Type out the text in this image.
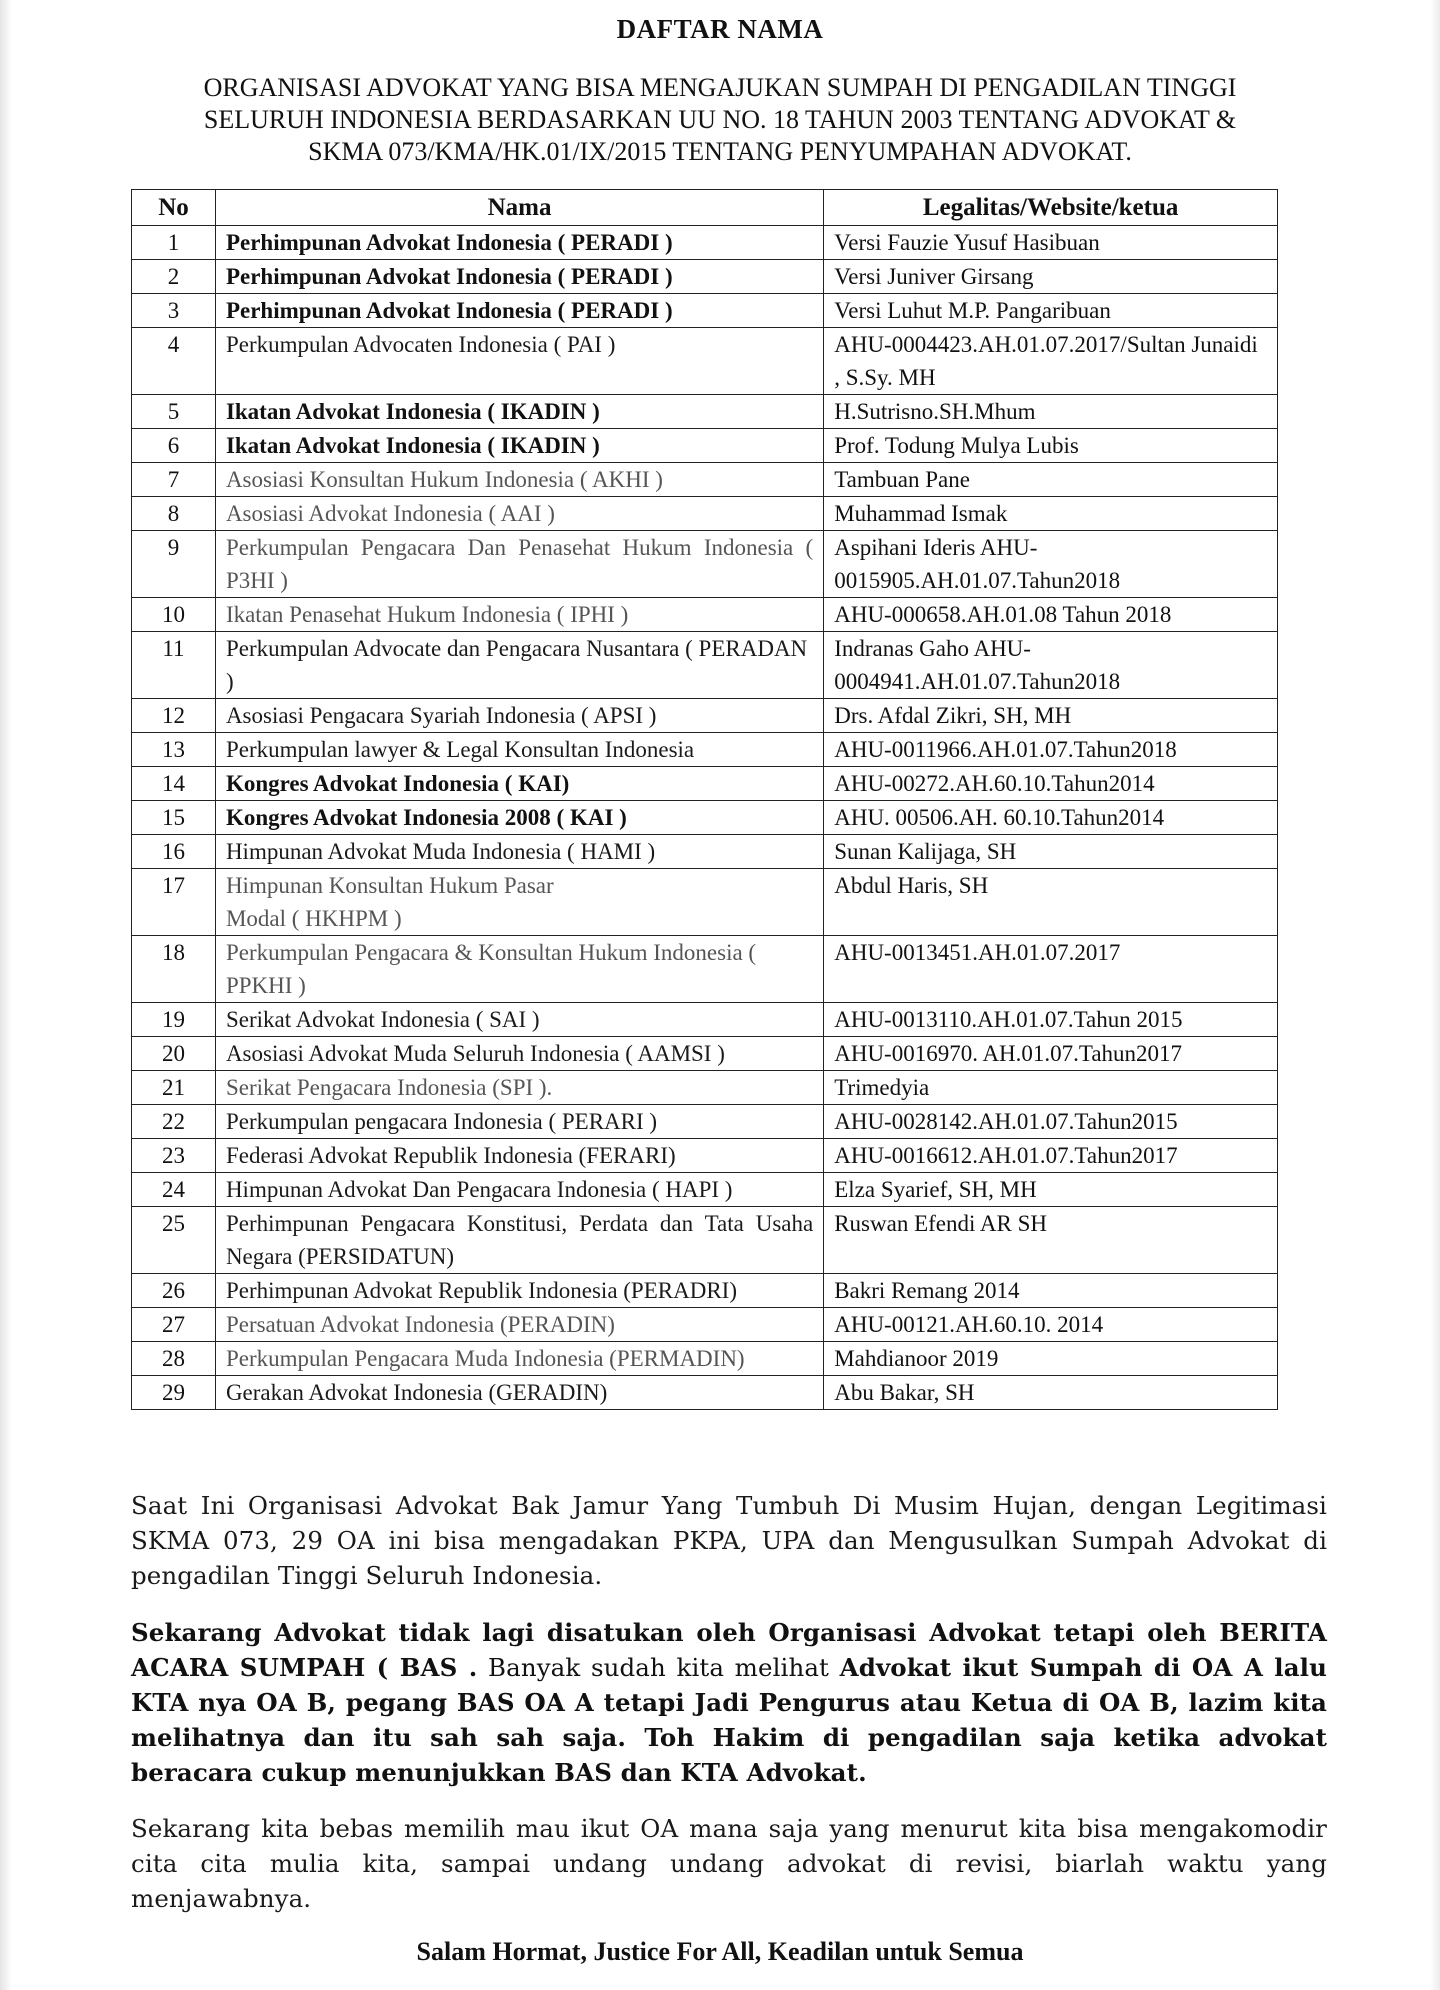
DAFTAR NAMA

ORGANISASI ADVOKAT YANG BISA MENGAJUKAN SUMPAH DI PENGADILAN TINGGI
SELURUH INDONESIA BERDASARKAN UU NO. 18 TAHUN 2003 TENTANG ADVOKAT &
SKMA 073/KMA/HK.01/IX/2015 TENTANG PENYUMPAHAN ADVOKAT.

No	Nama	Legalitas/Website/ketua
1	Perhimpunan Advokat Indonesia ( PERADI )	Versi Fauzie Yusuf Hasibuan
2	Perhimpunan Advokat Indonesia ( PERADI )	Versi Juniver Girsang
3	Perhimpunan Advokat Indonesia ( PERADI )	Versi Luhut M.P. Pangaribuan
4	Perkumpulan Advocaten Indonesia ( PAI )	AHU-0004423.AH.01.07.2017/Sultan Junaidi , S.Sy. MH
5	Ikatan Advokat Indonesia ( IKADIN )	H.Sutrisno.SH.Mhum
6	Ikatan Advokat Indonesia ( IKADIN )	Prof. Todung Mulya Lubis
7	Asosiasi Konsultan Hukum Indonesia ( AKHI )	Tambuan Pane
8	Asosiasi Advokat Indonesia ( AAI )	Muhammad Ismak
9	Perkumpulan Pengacara Dan Penasehat Hukum Indonesia ( P3HI )	Aspihani Ideris AHU-0015905.AH.01.07.Tahun2018
10	Ikatan Penasehat Hukum Indonesia ( IPHI )	AHU-000658.AH.01.08 Tahun 2018
11	Perkumpulan Advocate dan Pengacara Nusantara ( PERADAN )	Indranas Gaho AHU-0004941.AH.01.07.Tahun2018
12	Asosiasi Pengacara Syariah Indonesia ( APSI )	Drs. Afdal Zikri, SH, MH
13	Perkumpulan lawyer & Legal Konsultan Indonesia	AHU-0011966.AH.01.07.Tahun2018
14	Kongres Advokat Indonesia ( KAI)	AHU-00272.AH.60.10.Tahun2014
15	Kongres Advokat Indonesia 2008 ( KAI )	AHU. 00506.AH. 60.10.Tahun2014
16	Himpunan Advokat Muda Indonesia ( HAMI )	Sunan Kalijaga, SH
17	Himpunan Konsultan Hukum Pasar
Modal ( HKHPM )	Abdul Haris, SH
18	Perkumpulan Pengacara & Konsultan Hukum Indonesia ( PPKHI )	AHU-0013451.AH.01.07.2017
19	Serikat Advokat Indonesia ( SAI )	AHU-0013110.AH.01.07.Tahun 2015
20	Asosiasi Advokat Muda Seluruh Indonesia ( AAMSI )	AHU-0016970. AH.01.07.Tahun2017
21	Serikat Pengacara Indonesia (SPI ).	Trimedyia
22	Perkumpulan pengacara Indonesia ( PERARI )	AHU-0028142.AH.01.07.Tahun2015
23	Federasi Advokat Republik Indonesia (FERARI)	AHU-0016612.AH.01.07.Tahun2017
24	Himpunan Advokat Dan Pengacara Indonesia ( HAPI )	Elza Syarief, SH, MH
25	Perhimpunan Pengacara Konstitusi, Perdata dan Tata Usaha Negara (PERSIDATUN)	Ruswan Efendi AR SH
26	Perhimpunan Advokat Republik Indonesia (PERADRI)	Bakri Remang 2014
27	Persatuan Advokat Indonesia (PERADIN)	AHU-00121.AH.60.10. 2014
28	Perkumpulan Pengacara Muda Indonesia (PERMADIN)	Mahdianoor 2019
29	Gerakan Advokat Indonesia (GERADIN)	Abu Bakar, SH

Saat Ini Organisasi Advokat Bak Jamur Yang Tumbuh Di Musim Hujan, dengan Legitimasi SKMA 073, 29 OA ini bisa mengadakan PKPA, UPA dan Mengusulkan Sumpah Advokat di pengadilan Tinggi Seluruh Indonesia.

Sekarang Advokat tidak lagi disatukan oleh Organisasi Advokat tetapi oleh BERITA ACARA SUMPAH ( BAS . Banyak sudah kita melihat Advokat ikut Sumpah di OA A lalu KTA nya OA B, pegang BAS OA A tetapi Jadi Pengurus atau Ketua di OA B, lazim kita melihatnya dan itu sah sah saja. Toh Hakim di pengadilan saja ketika advokat beracara cukup menunjukkan BAS dan KTA Advokat.

Sekarang kita bebas memilih mau ikut OA mana saja yang menurut kita bisa mengakomodir cita cita mulia kita, sampai undang undang advokat di revisi, biarlah waktu yang menjawabnya.

Salam Hormat, Justice For All, Keadilan untuk Semua
